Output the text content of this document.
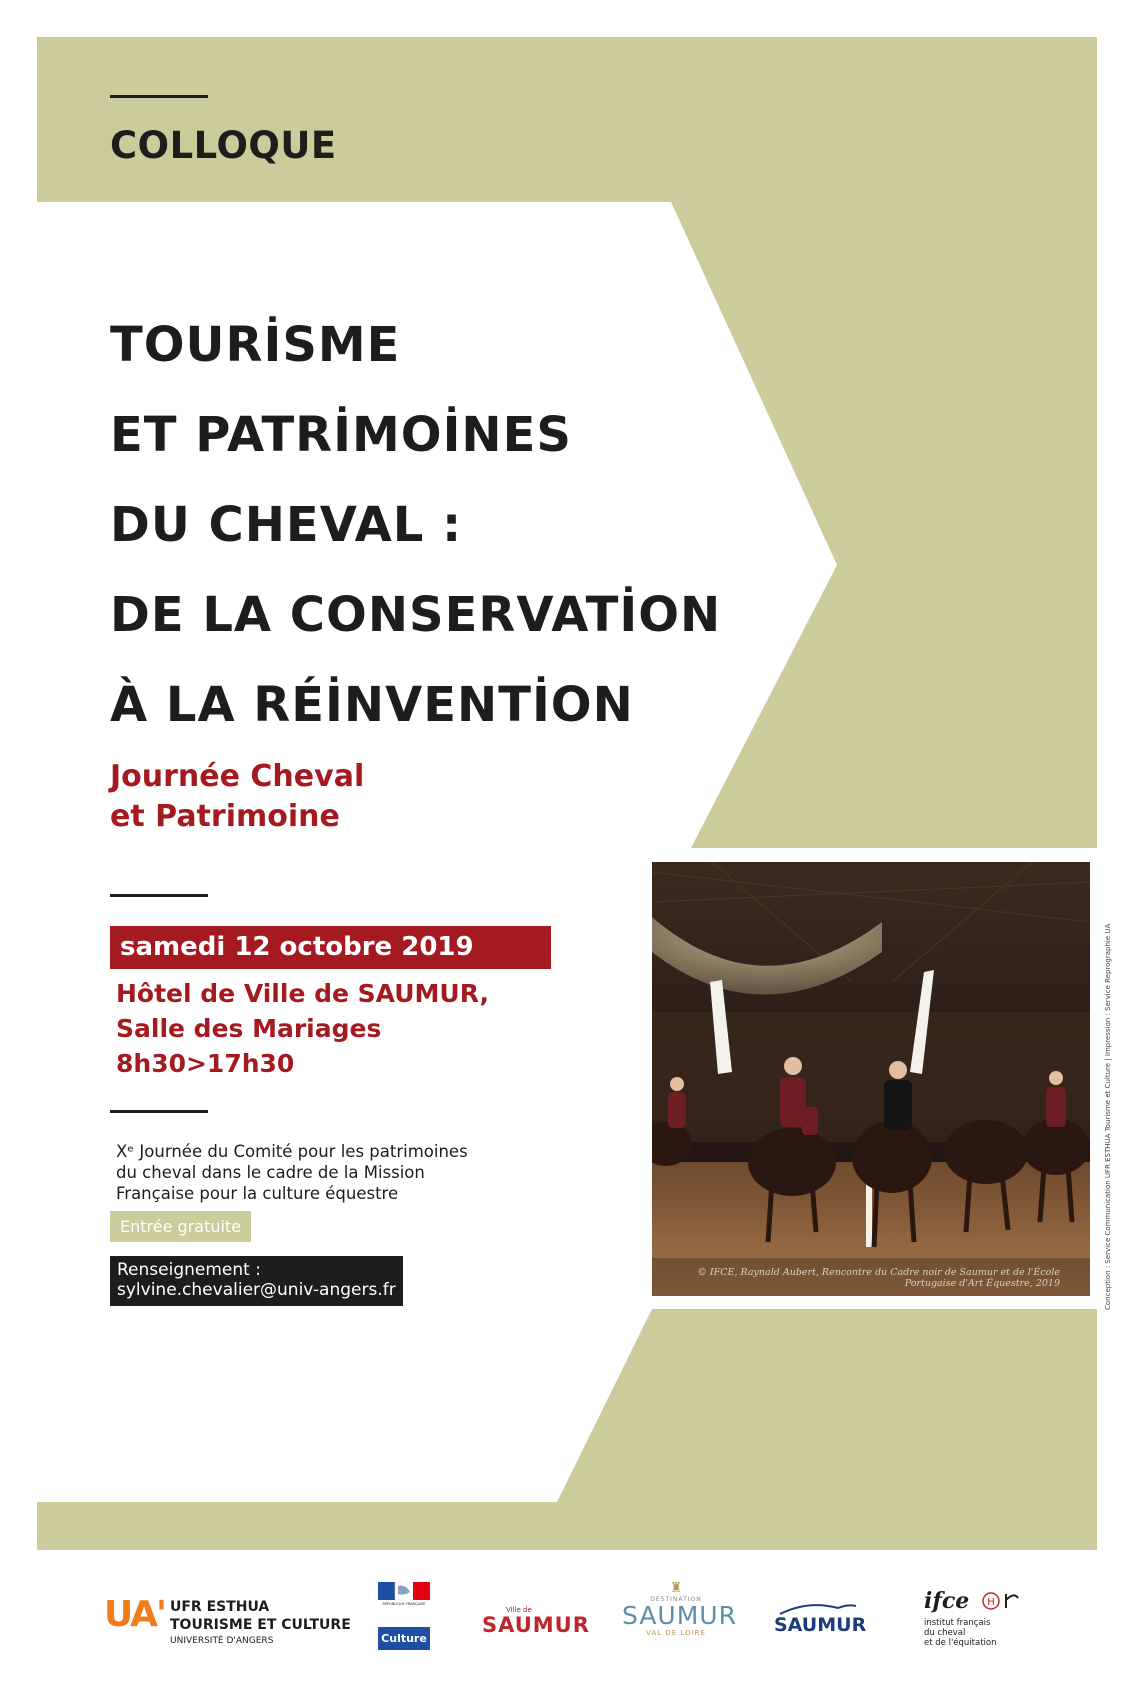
COLLOQUE
TOURİSME
ET PATRİMOİNES
DU CHEVAL :
DE LA CONSERVATİON
À LA RÉİNVENTİON
Journée Cheval
et Patrimoine
samedi 12 octobre 2019
Hôtel de Ville de SAUMUR,
Salle des Mariages
8h30>17h30
Xᵉ Journée du Comité pour les patrimoines
du cheval dans le cadre de la Mission
Française pour la culture équestre
Entrée gratuite
Renseignement :
sylvine.chevalier@univ-angers.fr
© IFCE, Raynald Aubert, Rencontre du Cadre noir de Saumur et de l'École Portugaise d'Art Équestre, 2019	Conception : Service Communication UFR ESTHUA Tourisme et Culture | Impression : Service Reprographie UA
UA' UFR ESTHUA
TOURISME ET CULTURE
UNIVERSITÉ D'ANGERS
RÉPUBLIQUE FRANÇAISE
Culture
Ville de
SAUMUR
♜
DESTINATION
SAUMUR
VAL DE LOIRE	SAUMUR
ifce H
institut français
du cheval
et de l'équitation
